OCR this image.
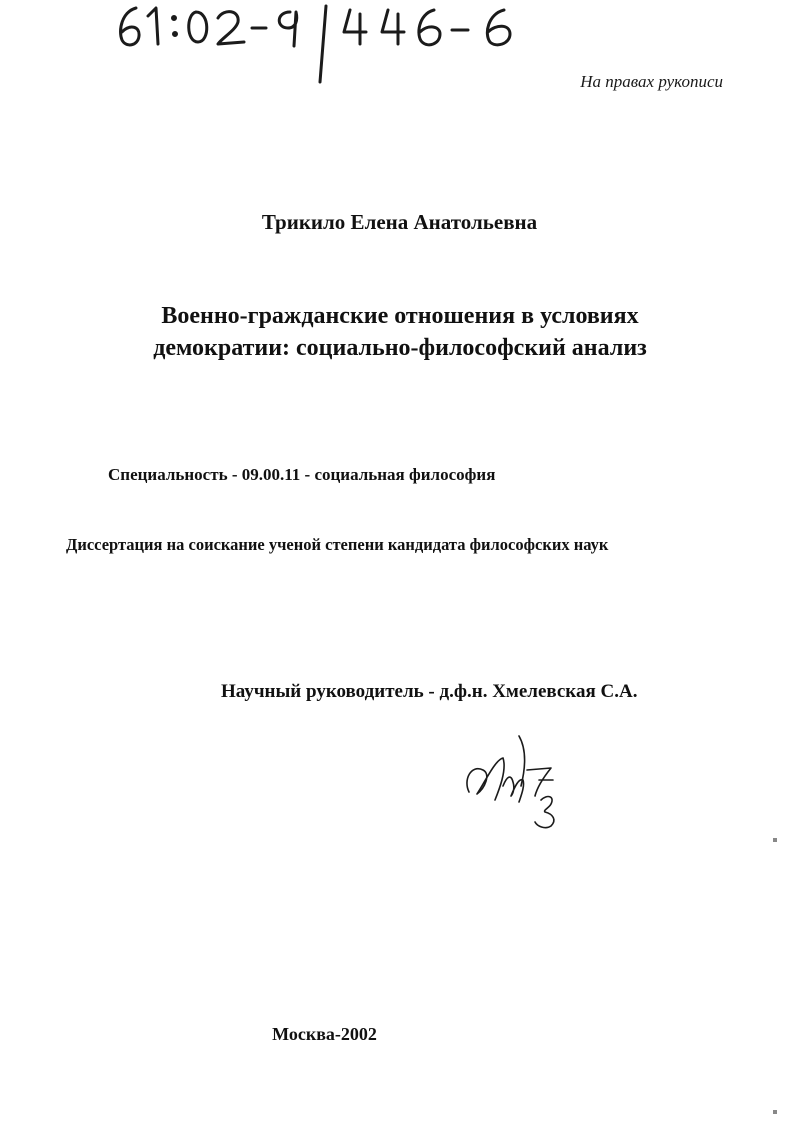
На правах рукописи
Трикило Елена Анатольевна
Военно-гражданские отношения в условиях
демократии: социально-философский анализ
Специальность - 09.00.11 - социальная философия
Диссертация на соискание ученой степени кандидата философских наук
Научный руководитель - д.ф.н. Хмелевская С.А.
Москва-2002
